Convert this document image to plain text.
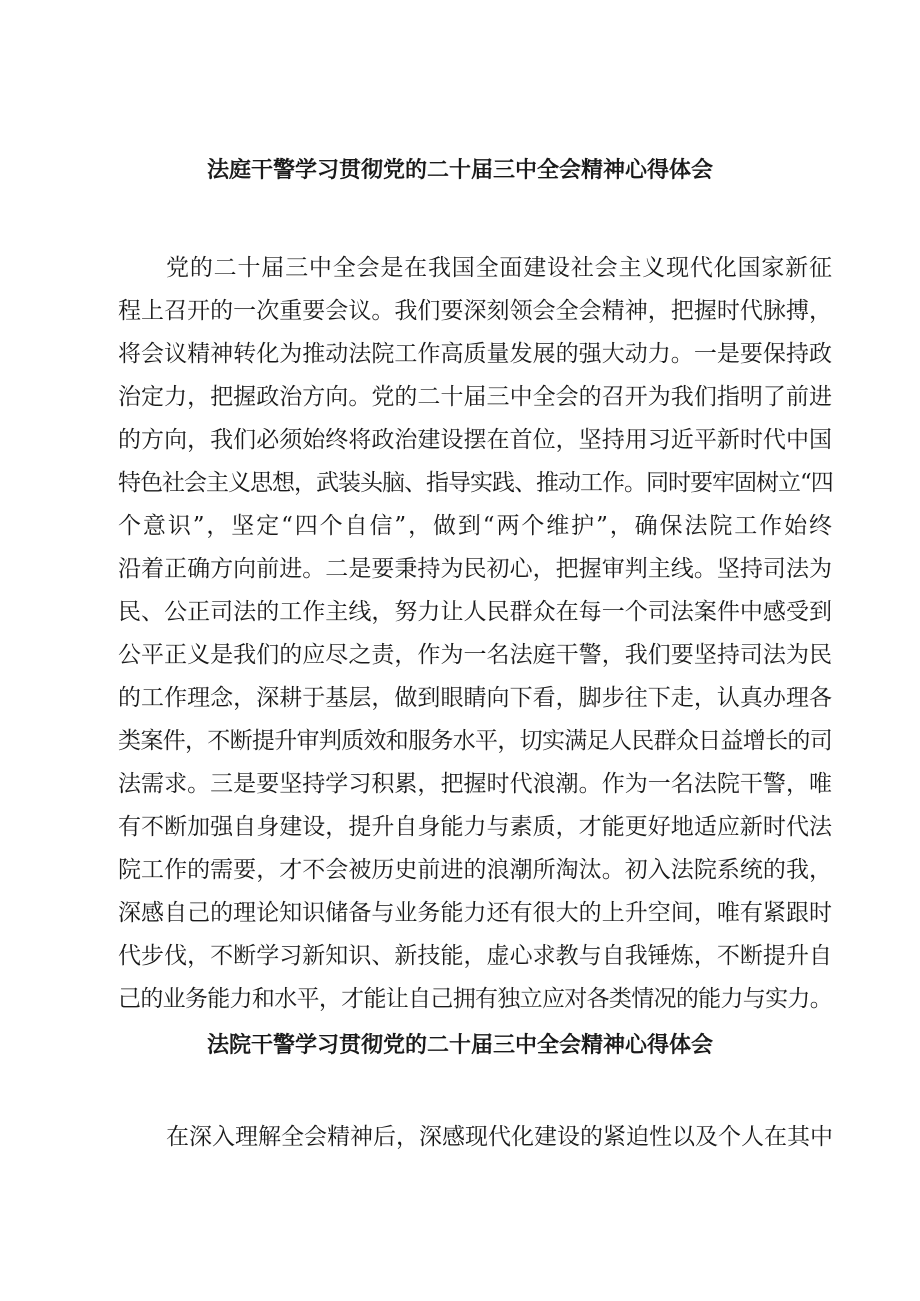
法庭干警学习贯彻党的二十届三中全会精神心得体会
党的二十届三中全会是在我国全面建设社会主义现代化国家新征
程上召开的一次重要会议。我们要深刻领会全会精神，把握时代脉搏，
将会议精神转化为推动法院工作高质量发展的强大动力。一是要保持政
治定力，把握政治方向。党的二十届三中全会的召开为我们指明了前进
的方向，我们必须始终将政治建设摆在首位，坚持用习近平新时代中国
特色社会主义思想，武装头脑、指导实践、推动工作。同时要牢固树立“四
个意识”，坚定“四个自信”，做到“两个维护”，确保法院工作始终
沿着正确方向前进。二是要秉持为民初心，把握审判主线。坚持司法为
民、公正司法的工作主线，努力让人民群众在每一个司法案件中感受到
公平正义是我们的应尽之责，作为一名法庭干警，我们要坚持司法为民
的工作理念，深耕于基层，做到眼睛向下看，脚步往下走，认真办理各
类案件，不断提升审判质效和服务水平，切实满足人民群众日益增长的司
法需求。三是要坚持学习积累，把握时代浪潮。作为一名法院干警，唯
有不断加强自身建设，提升自身能力与素质，才能更好地适应新时代法
院工作的需要，才不会被历史前进的浪潮所淘汰。初入法院系统的我，
深感自己的理论知识储备与业务能力还有很大的上升空间，唯有紧跟时
代步伐，不断学习新知识、新技能，虚心求教与自我锤炼，不断提升自
己的业务能力和水平，才能让自己拥有独立应对各类情况的能力与实力。
法院干警学习贯彻党的二十届三中全会精神心得体会
在深入理解全会精神后，深感现代化建设的紧迫性以及个人在其中
